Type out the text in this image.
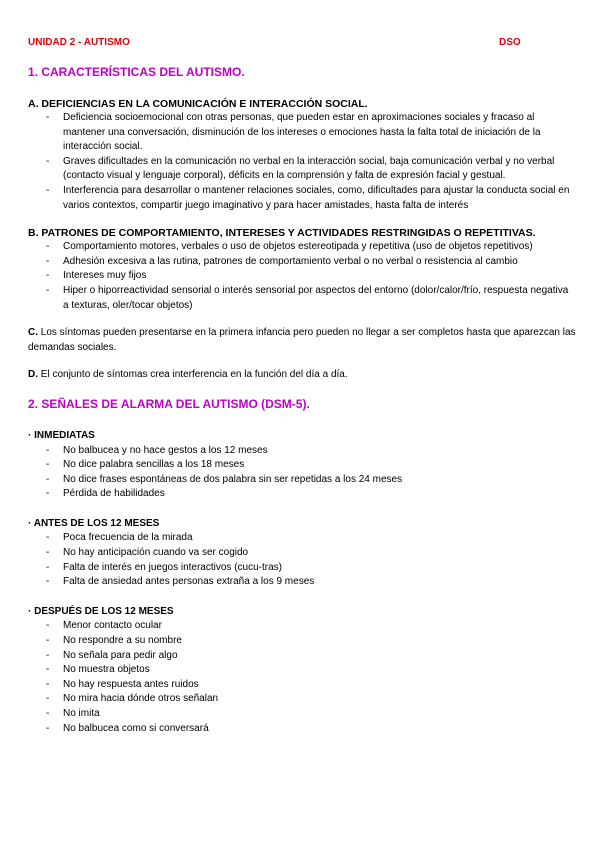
UNIDAD 2 - AUTISMO	DSO
1. CARACTERÍSTICAS DEL AUTISMO.

A. DEFICIENCIAS EN LA COMUNICACIÓN E INTERACCIÓN SOCIAL.

- Deficiencia socioemocional con otras personas, que pueden estar en aproximaciones sociales y fracaso al mantener una conversación, disminución de los intereses o emociones hasta la falta total de iniciación de la interacción social.
- Graves dificultades en la comunicación no verbal en la interacción social, baja comunicación verbal y no verbal (contacto visual y lenguaje corporal), déficits en la comprensión y falta de expresión facial y gestual.
- Interferencia para desarrollar o mantener relaciones sociales, como, dificultades para ajustar la conducta social en varios contextos, compartir juego imaginativo y para hacer amistades, hasta falta de interés

B. PATRONES DE COMPORTAMIENTO, INTERESES Y ACTIVIDADES RESTRINGIDAS O REPETITIVAS.

- Comportamiento motores, verbales o uso de objetos estereotipada y repetitiva (uso de objetos repetitivos)
- Adhesión excesiva a las rutina, patrones de comportamiento verbal o no verbal o resistencia al cambio
- Intereses muy fijos
- Hiper o hiporreactividad sensorial o interés sensorial por aspectos del entorno (dolor/calor/frío, respuesta negativa a texturas, oler/tocar objetos)

C. Los síntomas pueden presentarse en la primera infancia pero pueden no llegar a ser completos hasta que aparezcan las demandas sociales.

D. El conjunto de síntomas crea interferencia en la función del día a día.

2. SEÑALES DE ALARMA DEL AUTISMO (DSM-5).

· INMEDIATAS

- No balbucea y no hace gestos a los 12 meses
- No dice palabra sencillas a los 18 meses
- No dice frases espontáneas de dos palabra sin ser repetidas a los 24 meses
- Pérdida de habilidades

· ANTES DE LOS 12 MESES

- Poca frecuencia de la mirada
- No hay anticipación cuando va ser cogido
- Falta de interés en juegos interactivos (cucu-tras)
- Falta de ansiedad antes personas extraña a los 9 meses

· DESPUÉS DE LOS 12 MESES

- Menor contacto ocular
- No respondre a su nombre
- No señala para pedir algo
- No muestra objetos
- No hay respuesta antes ruidos
- No mira hacia dónde otros señalan
- No imita
- No balbucea como si conversará
